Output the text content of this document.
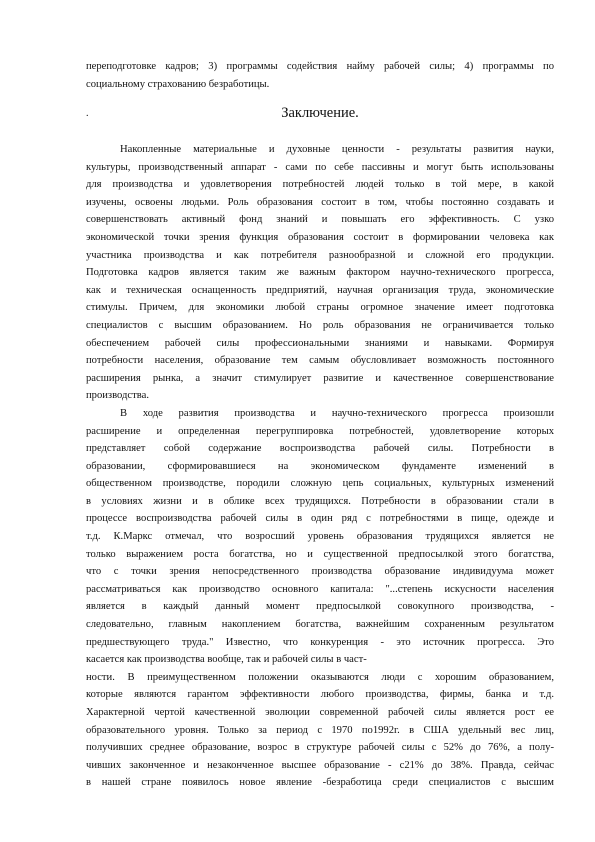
переподготовке кадров; 3) программы содействия найму рабочей силы; 4) программы по
социальному страхованию безработицы.
.	Заключение.
Накопленные материальные и духовные ценности - результаты развития науки,
культуры, производственный аппарат - сами по себе пассивны и могут быть использованы
для производства и удовлетворения потребностей людей только в той мере, в какой
изучены, освоены людьми. Роль образования состоит в том, чтобы постоянно создавать и
совершенствовать активный фонд знаний и повышать его эффективность. С узко
экономической точки зрения функция образования состоит в формировании человека как
участника производства и как потребителя разнообразной и сложной его продукции.
Подготовка кадров является таким же важным фактором научно-технического прогресса,
как и техническая оснащенность предприятий, научная организация труда, экономические
стимулы. Причем, для экономики любой страны огромное значение имеет подготовка
специалистов с высшим образованием. Но роль образования не ограничивается только
обеспечением рабочей силы профессиональными знаниями и навыками. Формируя
потребности населения, образование тем самым обусловливает возможность постоянного
расширения рынка, а значит стимулирует развитие и качественное совершенствование
производства.
В ходе развития производства и научно-технического прогресса произошли
расширение и определенная перегруппировка потребностей, удовлетворение которых
представляет собой содержание воспроизводства рабочей силы. Потребности в
образовании, сформировавшиеся на экономическом фундаменте изменений в
общественном производстве, породили сложную цепь социальных, культурных изменений
в условиях жизни и в облике всех трудящихся. Потребности в образовании стали в
процессе воспроизводства рабочей силы в один ряд с потребностями в пище, одежде и
т.д. К.Маркс отмечал, что возросший уровень образования трудящихся является не
только выражением роста богатства, но и существенной предпосылкой этого богатства,
что с точки зрения непосредственного производства образование индивидуума может
рассматриваться как производство основного капитала: "...степень искусности населения
является в каждый данный момент предпосылкой совокупного производства, -
следовательно, главным накоплением богатства, важнейшим сохраненным результатом
предшествующего труда." Известно, что конкуренция - это источник прогресса. Это
касается как производства вообще, так и рабочей силы в част-
ности. В преимущественном положении оказываются люди с хорошим образованием,
которые являются гарантом эффективности любого производства, фирмы, банка и т.д.
Характерной чертой качественной эволюции современной рабочей силы является рост ее
образовательного уровня. Только за период с 1970 по1992г. в США удельный вес лиц,
получивших среднее образование, возрос в структуре рабочей силы с 52% до 76%, а полу-
чивших законченное и незаконченное высшее образование - с21% до 38%. Правда, сейчас
в нашей стране появилось новое явление -безработица среди специалистов с высшим
